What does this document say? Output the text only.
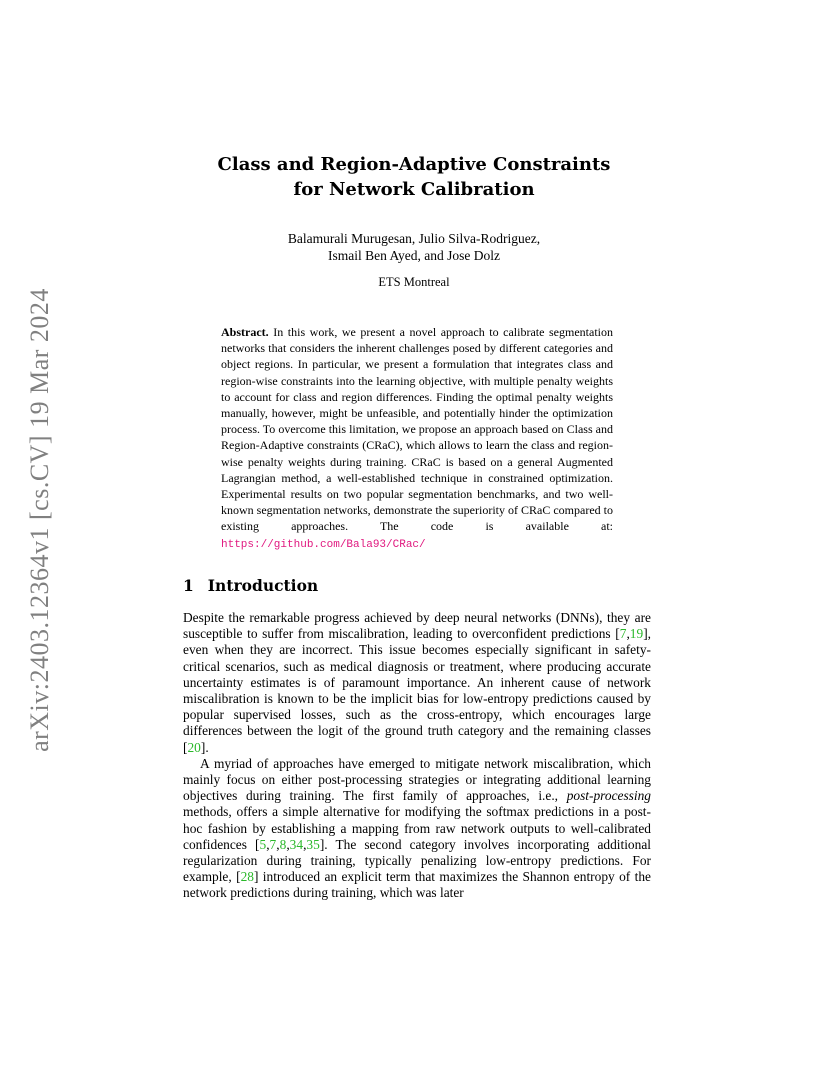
arXiv:2403.12364v1 [cs.CV] 19 Mar 2024
Class and Region-Adaptive Constraints
for Network Calibration
Balamurali Murugesan, Julio Silva-Rodriguez,
Ismail Ben Ayed, and Jose Dolz
ETS Montreal
Abstract. In this work, we present a novel approach to calibrate segmentation networks that considers the inherent challenges posed by different categories and object regions. In particular, we present a formulation that integrates class and region-wise constraints into the learning objective, with multiple penalty weights to account for class and region differences. Finding the optimal penalty weights manually, however, might be unfeasible, and potentially hinder the optimization process. To overcome this limitation, we propose an approach based on Class and Region-Adaptive constraints (CRaC), which allows to learn the class and region-wise penalty weights during training. CRaC is based on a general Augmented Lagrangian method, a well-established technique in constrained optimization. Experimental results on two popular segmentation benchmarks, and two well-known segmentation networks, demonstrate the superiority of CRaC compared to existing approaches. The code is available at: https://github.com/Bala93/CRac/
1 Introduction

Despite the remarkable progress achieved by deep neural networks (DNNs), they are susceptible to suffer from miscalibration, leading to overconfident predictions [7,19], even when they are incorrect. This issue becomes especially significant in safety-critical scenarios, such as medical diagnosis or treatment, where producing accurate uncertainty estimates is of paramount importance. An inherent cause of network miscalibration is known to be the implicit bias for low-entropy predictions caused by popular supervised losses, such as the cross-entropy, which encourages large differences between the logit of the ground truth category and the remaining classes [20].

A myriad of approaches have emerged to mitigate network miscalibration, which mainly focus on either post-processing strategies or integrating additional learning objectives during training. The first family of approaches, i.e., post-processing methods, offers a simple alternative for modifying the softmax predictions in a post-hoc fashion by establishing a mapping from raw network outputs to well-calibrated confidences [5,7,8,34,35]. The second category involves incorporating additional regularization during training, typically penalizing low-entropy predictions. For example, [28] introduced an explicit term that maximizes the Shannon entropy of the network predictions during training, which was later
